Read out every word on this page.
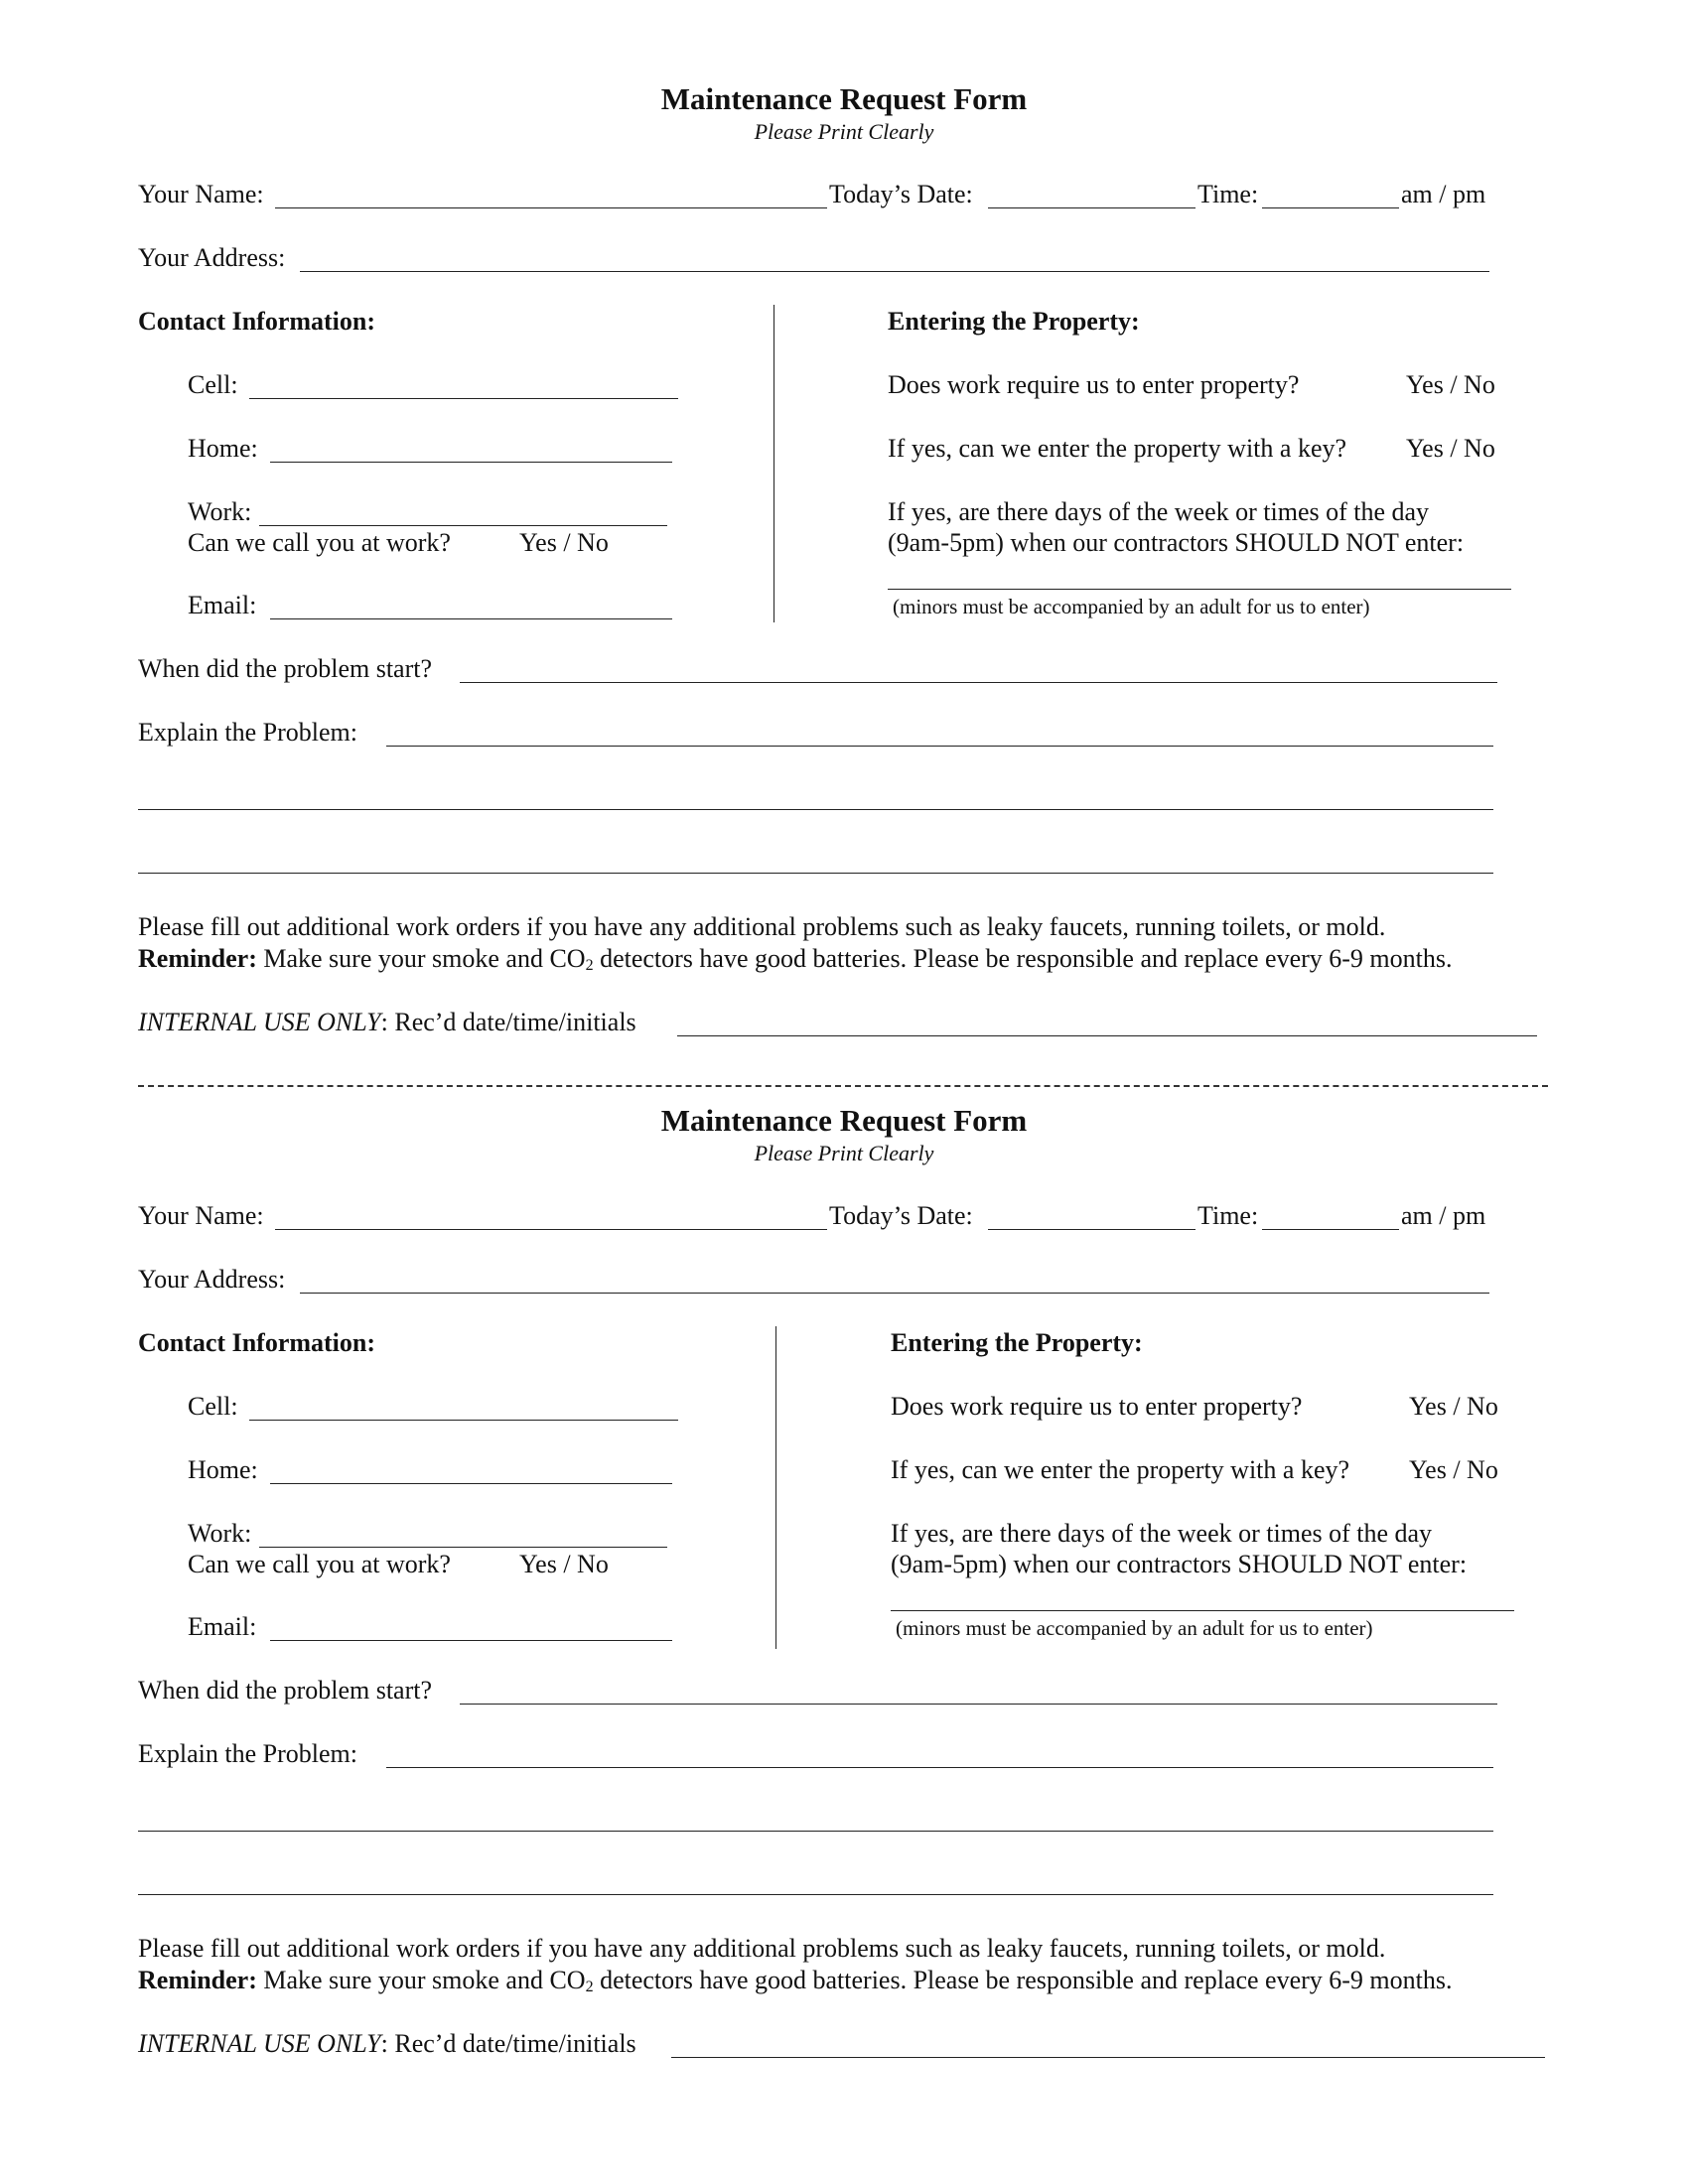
Maintenance Request Form
Please Print Clearly
Your Name:	Today’s Date:	Time:	am / pm
Your Address:
Contact Information:
Cell:
Home:
Work:
Can we call you at work?	Yes / No
Email:
Entering the Property:
Does work require us to enter property?	Yes / No
If yes, can we enter the property with a key? Yes / No
If yes, are there days of the week or times of the day
(9am-5pm) when our contractors SHOULD NOT enter:
(minors must be accompanied by an adult for us to enter)
When did the problem start?
Explain the Problem:
Please fill out additional work orders if you have any additional problems such as leaky faucets, running toilets, or mold.
Reminder: Make sure your smoke and $CO_2$ detectors have good batteries. Please be responsible and replace every 6-9 months.
INTERNAL USE ONLY: Rec’d date/time/initials
Maintenance Request Form
Please Print Clearly
Your Name:	Today’s Date:	Time:	am / pm
Your Address:
Contact Information:
Cell:
Home:
Work:
Can we call you at work?	Yes / No
Email:
Entering the Property:
Does work require us to enter property?	Yes / No
If yes, can we enter the property with a key? Yes / No
If yes, are there days of the week or times of the day
(9am-5pm) when our contractors SHOULD NOT enter:
(minors must be accompanied by an adult for us to enter)
When did the problem start?
Explain the Problem:
Please fill out additional work orders if you have any additional problems such as leaky faucets, running toilets, or mold.
Reminder: Make sure your smoke and $CO_2$ detectors have good batteries. Please be responsible and replace every 6-9 months.
INTERNAL USE ONLY: Rec’d date/time/initials
